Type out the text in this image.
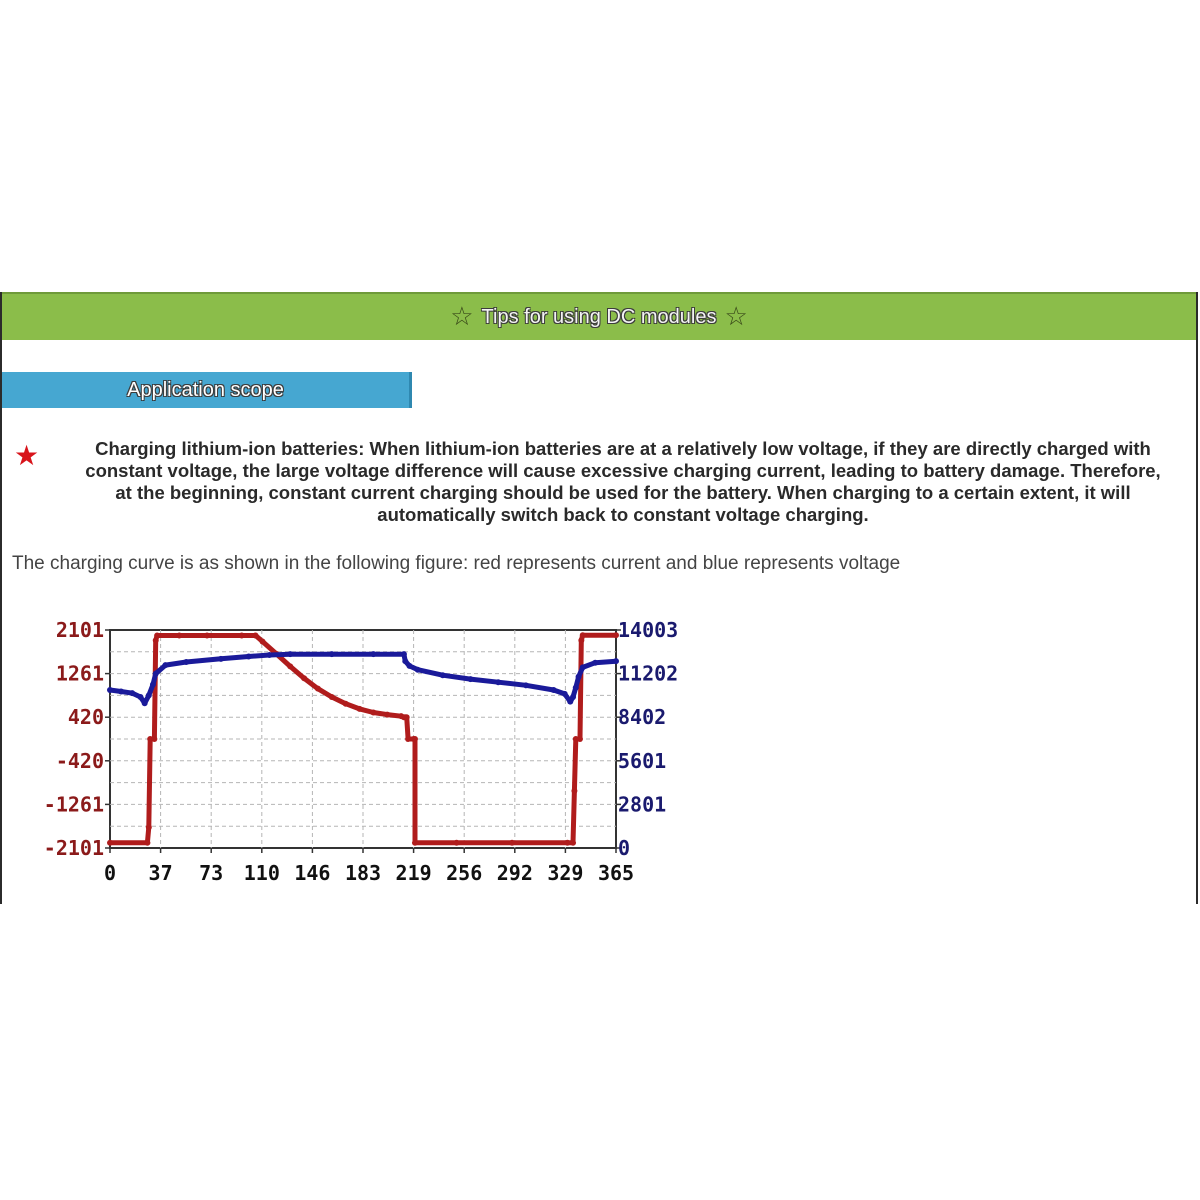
☆ Tips for using DC modules ☆
Application scope
★	Charging lithium-ion batteries: When lithium-ion batteries are at a relatively low voltage, if they are directly charged with
constant voltage, the large voltage difference will cause excessive charging current, leading to battery damage. Therefore,
at the beginning, constant current charging should be used for the battery. When charging to a certain extent, it will
automatically switch back to constant voltage charging.
The charging curve is as shown in the following figure: red represents current and blue represents voltage
2101
1261
420
-420
-1261
-2101
14003
11202
8402
5601
2801
0
0 37 73 110 146 183 219 256 292 329 365
